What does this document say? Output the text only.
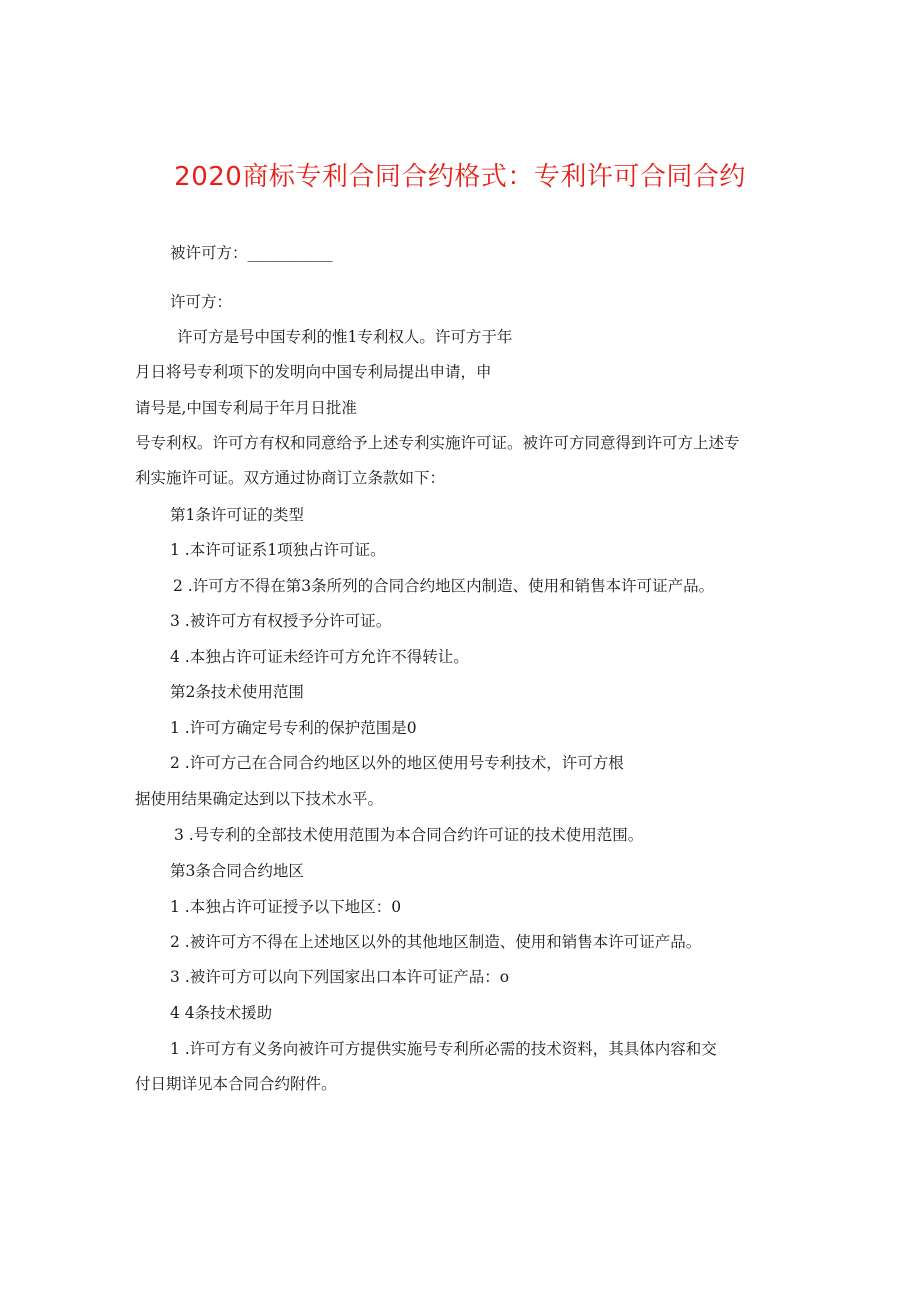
2020商标专利合同合约格式：专利许可合同合约

被许可方：___________

许可方：

许可方是号中国专利的惟1专利权人。许可方于年

月日将号专利项下的发明向中国专利局提出申请，申

请号是,中国专利局于年月日批准

号专利权。许可方有权和同意给予上述专利实施许可证。被许可方同意得到许可方上述专

利实施许可证。双方通过协商订立条款如下：

第1条许可证的类型

1 .本许可证系1项独占许可证。

2 .许可方不得在第3条所列的合同合约地区内制造、使用和销售本许可证产品。

3 .被许可方有权授予分许可证。

4 .本独占许可证未经许可方允许不得转让。

第2条技术使用范围

1 .许可方确定号专利的保护范围是0

2 .许可方己在合同合约地区以外的地区使用号专利技术，许可方根

据使用结果确定达到以下技术水平。

3 .号专利的全部技术使用范围为本合同合约许可证的技术使用范围。

第3条合同合约地区

1 .本独占许可证授予以下地区：0

2 .被许可方不得在上述地区以外的其他地区制造、使用和销售本许可证产品。

3 .被许可方可以向下列国家出口本许可证产品：o

4 4条技术援助

1 .许可方有义务向被许可方提供实施号专利所必需的技术资料，其具体内容和交

付日期详见本合同合约附件。
